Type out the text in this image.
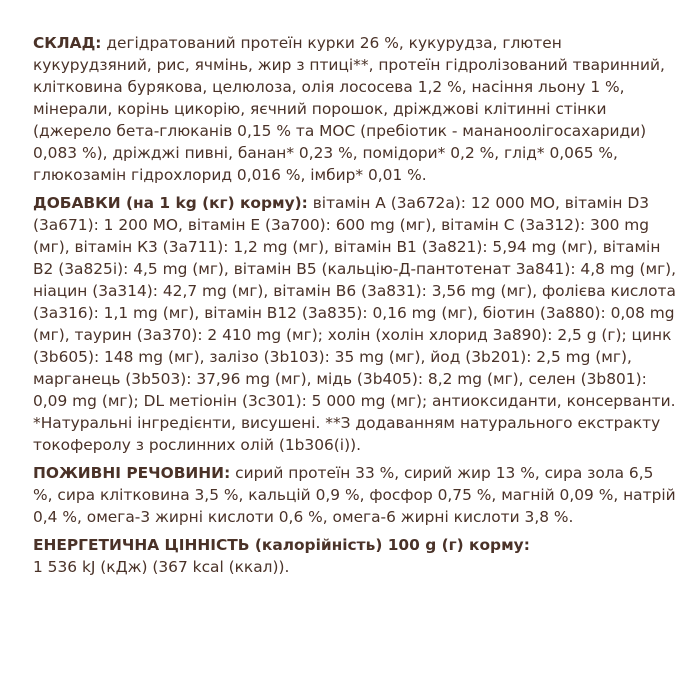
СКЛАД: дегідратований протеїн курки 26 %, кукурудза, глютен кукурудзяний, рис, ячмінь, жир з птиці**, протеїн гідролізований тваринний, клітковина бурякова, целюлоза, олія лососева 1,2 %, насіння льону 1 %, мінерали, корінь цикорію, яєчний порошок, дріжджові клітинні стінки (джерело бета-глюканів 0,15 % та MOC (пребіотик - мананоолігосахариди) 0,083 %), дріжджі пивні, банан* 0,23 %, помідори* 0,2 %, глід* 0,065 %, глюкозамін гідрохлорид 0,016 %, імбир* 0,01 %.
ДОБАВКИ (на 1 kg (кг) корму): вітамін А (3a672a): 12 000 МО, вітамін D3 (3a671): 1 200 МО, вітамін Е (3a700): 600 mg (мг), вітамін С (3a312): 300 mg (мг), вітамін К3 (3a711): 1,2 mg (мг), вітамін В1 (3a821): 5,94 mg (мг), вітамін В2 (3a825i): 4,5 mg (мг), вітамін В5 (кальцію-Д-пантотенат 3a841): 4,8 mg (мг), ніацин (3a314): 42,7 mg (мг), вітамін В6 (3a831): 3,56 mg (мг), фолієва кислота (3a316): 1,1 mg (мг), вітамін В12 (3a835): 0,16 mg (мг), біотин (3a880): 0,08 mg (мг), таурин (3a370): 2 410 mg (мг); холін (холін хлорид 3a890): 2,5 g (г); цинк (3b605): 148 mg (мг), залізо (3b103): 35 mg (мг), йод (3b201): 2,5 mg (мг), марганець (3b503): 37,96 mg (мг), мідь (3b405): 8,2 mg (мг), селен (3b801): 0,09 mg (мг); DL метіонін (3c301): 5 000 mg (мг); антиоксиданти, консерванти.
*Натуральні інгредієнти, висушені. **З додаванням натурального екстракту токоферолу з рослинних олій (1b306(i)).
ПОЖИВНІ РЕЧОВИНИ: сирий протеїн 33 %, сирий жир 13 %, сира зола 6,5 %, сира клітковина 3,5 %, кальцій 0,9 %, фосфор 0,75 %, магній 0,09 %, натрій 0,4 %, омега-3 жирні кислоти 0,6 %, омега-6 жирні кислоти 3,8 %.
ЕНЕРГЕТИЧНА ЦІННІСТЬ (калорійність) 100 g (г) корму:
1 536 kJ (кДж) (367 kcal (ккал)).
